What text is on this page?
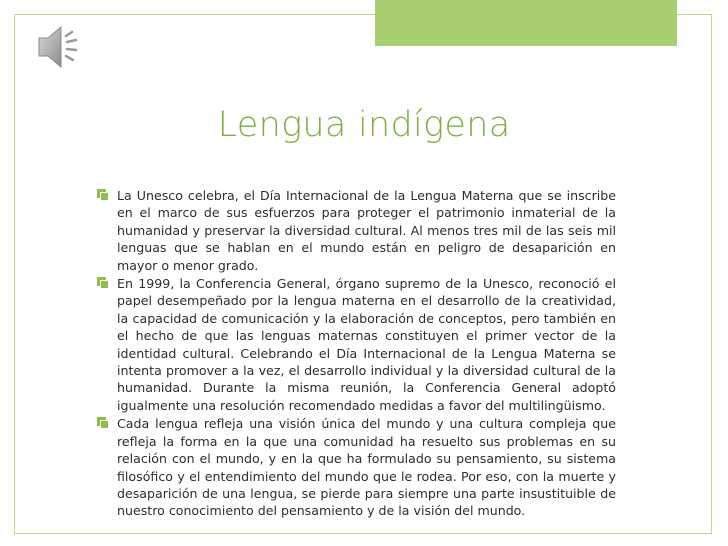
Lengua indígena
La Unesco celebra, el Día Internacional de la Lengua Materna que se inscribe en el marco de sus esfuerzos para proteger el patrimonio inmaterial de la humanidad y preservar la diversidad cultural. Al menos tres mil de las seis mil lenguas que se hablan en el mundo están en peligro de desaparición en mayor o menor grado.
En 1999, la Conferencia General, órgano supremo de la Unesco, reconoció el papel desempeñado por la lengua materna en el desarrollo de la creatividad, la capacidad de comunicación y la elaboración de conceptos, pero también en el hecho de que las lenguas maternas constituyen el primer vector de la identidad cultural. Celebrando el Día Internacional de la Lengua Materna se intenta promover a la vez, el desarrollo individual y la diversidad cultural de la humanidad. Durante la misma reunión, la Conferencia General adoptó igualmente una resolución recomendado medidas a favor del multilingüismo.
Cada lengua refleja una visión única del mundo y una cultura compleja que refleja la forma en la que una comunidad ha resuelto sus problemas en su relación con el mundo, y en la que ha formulado su pensamiento, su sistema filosófico y el entendimiento del mundo que le rodea. Por eso, con la muerte y desaparición de una lengua, se pierde para siempre una parte insustituible de nuestro conocimiento del pensamiento y de la visión del mundo.
